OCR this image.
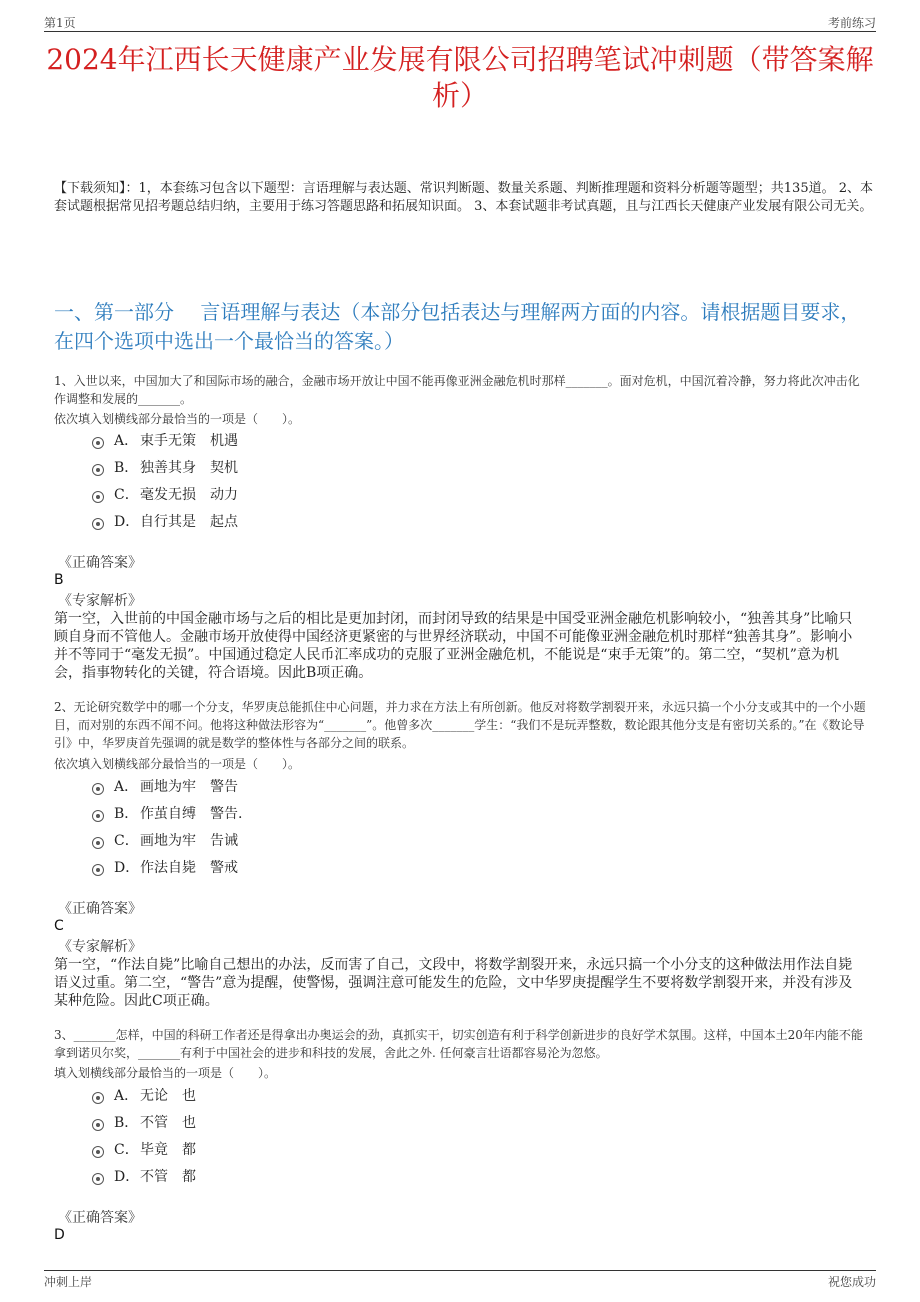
第1页	考前练习
2024年江西长天健康产业发展有限公司招聘笔试冲刺题（带答案解析）
【下载须知】：1，本套练习包含以下题型：言语理解与表达题、常识判断题、数量关系题、判断推理题和资料分析题等题型；共135道。 2、本套试题根据常见招考题总结归纳，主要用于练习答题思路和拓展知识面。 3、本套试题非考试真题，且与江西长天健康产业发展有限公司无关。
一、第一部分　 言语理解与表达（本部分包括表达与理解两方面的内容。请根据题目要求，在四个选项中选出一个最恰当的答案。）
1、入世以来，中国加大了和国际市场的融合，金融市场开放让中国不能再像亚洲金融危机时那样_______。面对危机，中国沉着冷静，努力将此次冲击化作调整和发展的_______。
依次填入划横线部分最恰当的一项是（　　）。
A． 束手无策　机遇
B． 独善其身　契机
C． 毫发无损　动力
D． 自行其是　起点
《正确答案》
B
《专家解析》
第一空，入世前的中国金融市场与之后的相比是更加封闭，而封闭导致的结果是中国受亚洲金融危机影响较小，“独善其身”比喻只顾自身而不管他人。金融市场开放使得中国经济更紧密的与世界经济联动，中国不可能像亚洲金融危机时那样“独善其身”。影响小并不等同于“毫发无损”。中国通过稳定人民币汇率成功的克服了亚洲金融危机，不能说是“束手无策”的。第二空，“契机”意为机会，指事物转化的关键，符合语境。因此B项正确。
2、无论研究数学中的哪一个分支，华罗庚总能抓住中心问题，并力求在方法上有所创新。他反对将数学割裂开来，永远只搞一个小分支或其中的一个小题目，而对别的东西不闻不问。他将这种做法形容为“_______”。他曾多次_______学生：“我们不是玩弄整数，数论跟其他分支是有密切关系的。”在《数论导引》中，华罗庚首先强调的就是数学的整体性与各部分之间的联系。
依次填入划横线部分最恰当的一项是（　　）。
A． 画地为牢　警告
B． 作茧自缚　警告.
C． 画地为牢　告诫
D． 作法自毙　警戒
《正确答案》
C
《专家解析》
第一空，“作法自毙”比喻自己想出的办法，反而害了自己，文段中，将数学割裂开来，永远只搞一个小分支的这种做法用作法自毙语义过重。第二空，“警告”意为提醒，使警惕，强调注意可能发生的危险，文中华罗庚提醒学生不要将数学割裂开来，并没有涉及某种危险。因此C项正确。
3、_______怎样，中国的科研工作者还是得拿出办奥运会的劲，真抓实干，切实创造有利于科学创新进步的良好学术氛围。这样，中国本土20年内能不能拿到诺贝尔奖，_______有利于中国社会的进步和科技的发展，舍此之外. 任何豪言壮语都容易沦为忽悠。
填入划横线部分最恰当的一项是（　　）。
A． 无论　也
B． 不管　也
C． 毕竟　都
D． 不管　都
《正确答案》
D
冲刺上岸	祝您成功
